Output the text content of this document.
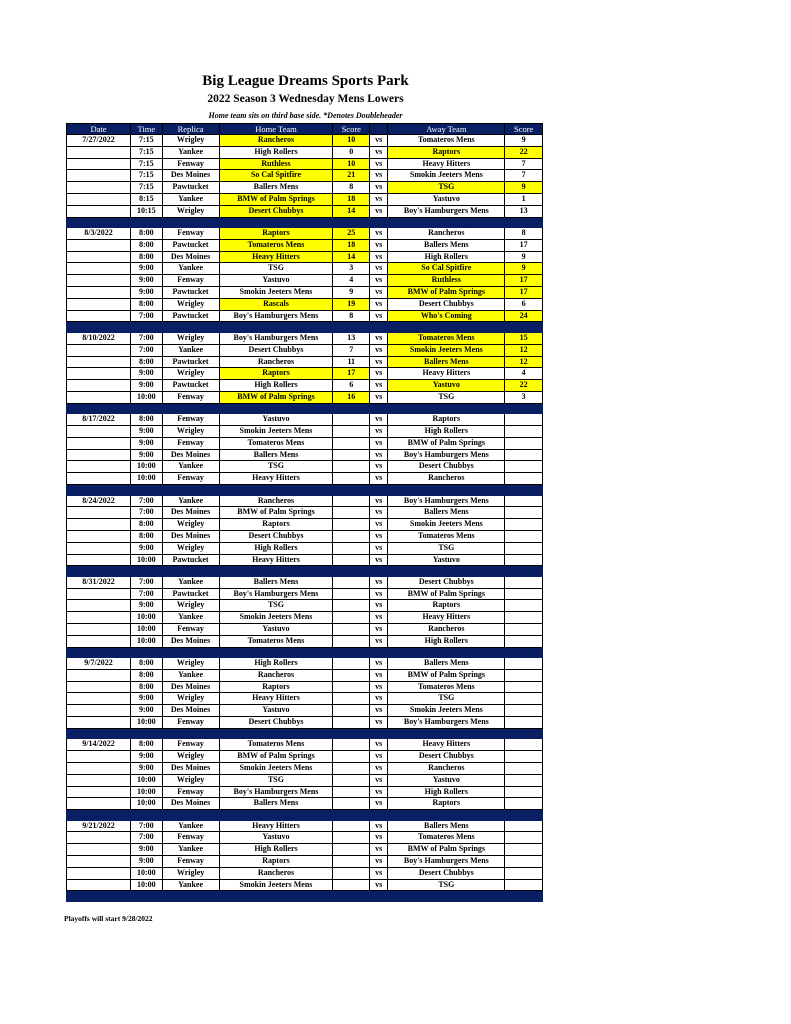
Big League Dreams Sports Park
2022 Season 3 Wednesday Mens Lowers
Home team sits on third base side. *Denotes Doubleheader
Date	Time	Replica	Home Team	Score		Away Team	Score
7/27/2022	7:15	Wrigley	Rancheros	10	vs	Tomateros Mens	9
	7:15	Yankee	High Rollers	0	vs	Raptors	22
	7:15	Fenway	Ruthless	10	vs	Heavy Hitters	7
	7:15	Des Moines	So Cal Spitfire	21	vs	Smokin Jeeters Mens	7
	7:15	Pawtucket	Ballers Mens	8	vs	TSG	9
	8:15	Yankee	BMW of Palm Springs	18	vs	Yastuvo	1
	10:15	Wrigley	Desert Chubbys	14	vs	Boy's Hamburgers Mens	13

8/3/2022	8:00	Fenway	Raptors	25	vs	Rancheros	8
	8:00	Pawtucket	Tomateros Mens	18	vs	Ballers Mens	17
	8:00	Des Moines	Heavy Hitters	14	vs	High Rollers	9
	9:00	Yankee	TSG	3	vs	So Cal Spitfire	9
	9:00	Fenway	Yastuvo	4	vs	Ruthless	17
	9:00	Pawtucket	Smokin Jeeters Mens	9	vs	BMW of Palm Springs	17
	8:00	Wrigley	Rascals	19	vs	Desert Chubbys	6
	7:00	Pawtucket	Boy's Hamburgers Mens	8	vs	Who's Coming	24

8/10/2022	7:00	Wrigley	Boy's Hamburgers Mens	13	vs	Tomateros Mens	15
	7:00	Yankee	Desert Chubbys	7	vs	Smokin Jeeters Mens	12
	8:00	Pawtucket	Rancheros	11	vs	Ballers Mens	12
	9:00	Wrigley	Raptors	17	vs	Heavy Hitters	4
	9:00	Pawtucket	High Rollers	6	vs	Yastuvo	22
	10:00	Fenway	BMW of Palm Springs	16	vs	TSG	3

8/17/2022	8:00	Fenway	Yastuvo		vs	Raptors	
	9:00	Wrigley	Smokin Jeeters Mens		vs	High Rollers	
	9:00	Fenway	Tomateros Mens		vs	BMW of Palm Springs	
	9:00	Des Moines	Ballers Mens		vs	Boy's Hamburgers Mens	
	10:00	Yankee	TSG		vs	Desert Chubbys	
	10:00	Fenway	Heavy Hitters		vs	Rancheros	

8/24/2022	7:00	Yankee	Rancheros		vs	Boy's Hamburgers Mens	
	7:00	Des Moines	BMW of Palm Springs		vs	Ballers Mens	
	8:00	Wrigley	Raptors		vs	Smokin Jeeters Mens	
	8:00	Des Moines	Desert Chubbys		vs	Tomateros Mens	
	9:00	Wrigley	High Rollers		vs	TSG	
	10:00	Pawtucket	Heavy Hitters		vs	Yastuvo	

8/31/2022	7:00	Yankee	Ballers Mens		vs	Desert Chubbys	
	7:00	Pawtucket	Boy's Hamburgers Mens		vs	BMW of Palm Springs	
	9:00	Wrigley	TSG		vs	Raptors	
	10:00	Yankee	Smokin Jeeters Mens		vs	Heavy Hitters	
	10:00	Fenway	Yastuvo		vs	Rancheros	
	10:00	Des Moines	Tomateros Mens		vs	High Rollers	

9/7/2022	8:00	Wrigley	High Rollers		vs	Ballers Mens	
	8:00	Yankee	Rancheros		vs	BMW of Palm Springs	
	8:00	Des Moines	Raptors		vs	Tomateros Mens	
	9:00	Wrigley	Heavy Hitters		vs	TSG	
	9:00	Des Moines	Yastuvo		vs	Smokin Jeeters Mens	
	10:00	Fenway	Desert Chubbys		vs	Boy's Hamburgers Mens	

9/14/2022	8:00	Fenway	Tomateros Mens		vs	Heavy Hitters	
	9:00	Wrigley	BMW of Palm Springs		vs	Desert Chubbys	
	9:00	Des Moines	Smokin Jeeters Mens		vs	Rancheros	
	10:00	Wrigley	TSG		vs	Yastuvo	
	10:00	Fenway	Boy's Hamburgers Mens		vs	High Rollers	
	10:00	Des Moines	Ballers Mens		vs	Raptors	

9/21/2022	7:00	Yankee	Heavy Hitters		vs	Ballers Mens	
	7:00	Fenway	Yastuvo		vs	Tomateros Mens	
	9:00	Yankee	High Rollers		vs	BMW of Palm Springs	
	9:00	Fenway	Raptors		vs	Boy's Hamburgers Mens	
	10:00	Wrigley	Rancheros		vs	Desert Chubbys	
	10:00	Yankee	Smokin Jeeters Mens		vs	TSG	

Playoffs will start 9/28/2022
